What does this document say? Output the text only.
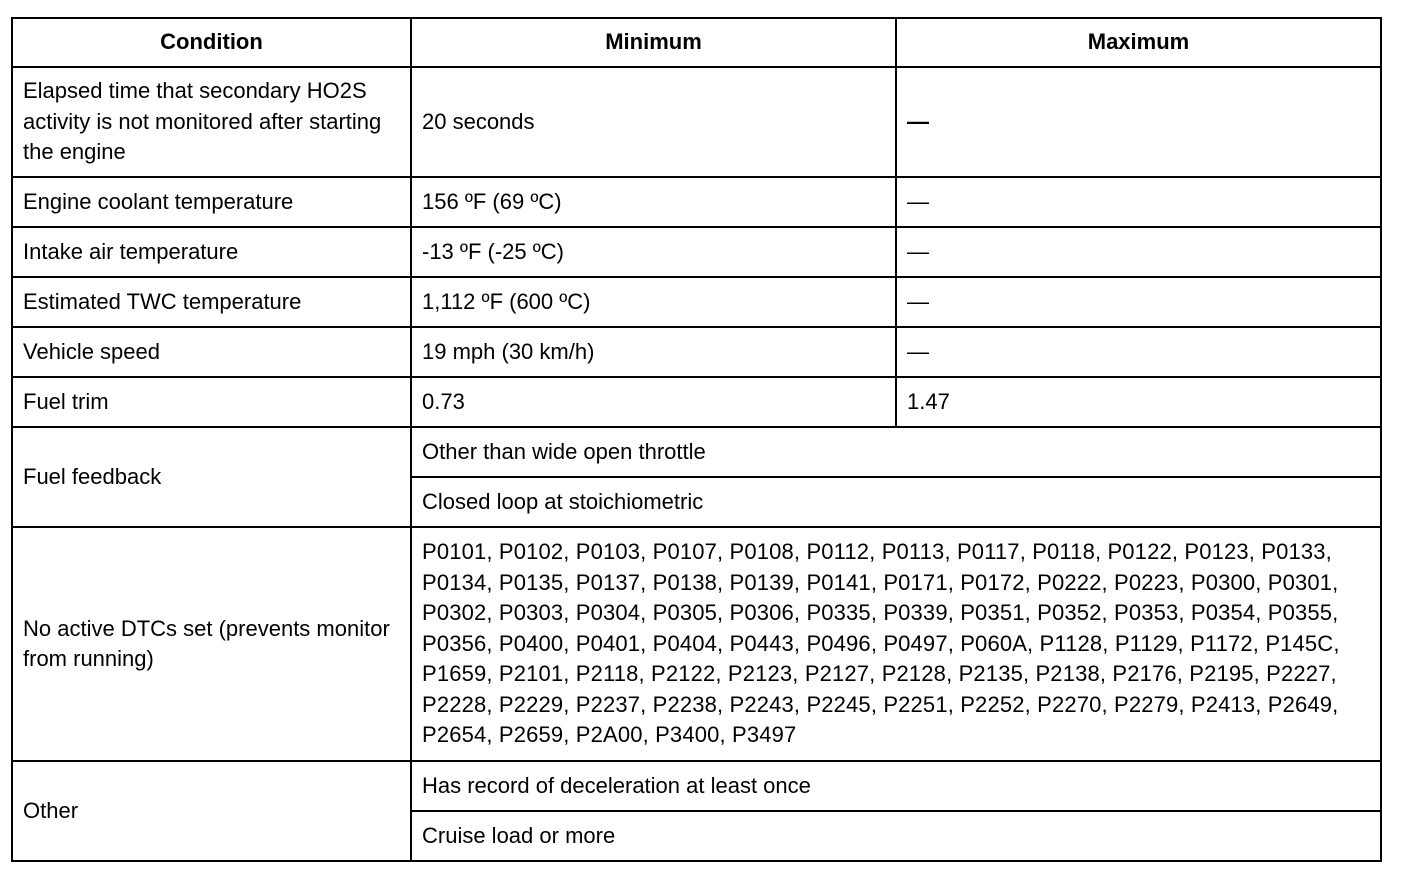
Condition	Minimum	Maximum
Elapsed time that secondary HO2S activity is not monitored after starting the engine	20 seconds	—
Engine coolant temperature	156 ºF (69 ºC)	—
Intake air temperature	-13 ºF (-25 ºC)	—
Estimated TWC temperature	1,112 ºF (600 ºC)	—
Vehicle speed	19 mph (30 km/h)	—
Fuel trim	0.73	1.47
Fuel feedback	Other than wide open throttle	
	Closed loop at stoichiometric	
No active DTCs set (prevents monitor from running)	P0101, P0102, P0103, P0107, P0108, P0112, P0113, P0117, P0118, P0122, P0123, P0133, P0134, P0135, P0137, P0138, P0139, P0141, P0171, P0172, P0222, P0223, P0300, P0301, P0302, P0303, P0304, P0305, P0306, P0335, P0339, P0351, P0352, P0353, P0354, P0355, P0356, P0400, P0401, P0404, P0443, P0496, P0497, P060A, P1128, P1129, P1172, P145C, P1659, P2101, P2118, P2122, P2123, P2127, P2128, P2135, P2138, P2176, P2195, P2227, P2228, P2229, P2237, P2238, P2243, P2245, P2251, P2252, P2270, P2279, P2413, P2649, P2654, P2659, P2A00, P3400, P3497	
Other	Has record of deceleration at least once	
	Cruise load or more	
